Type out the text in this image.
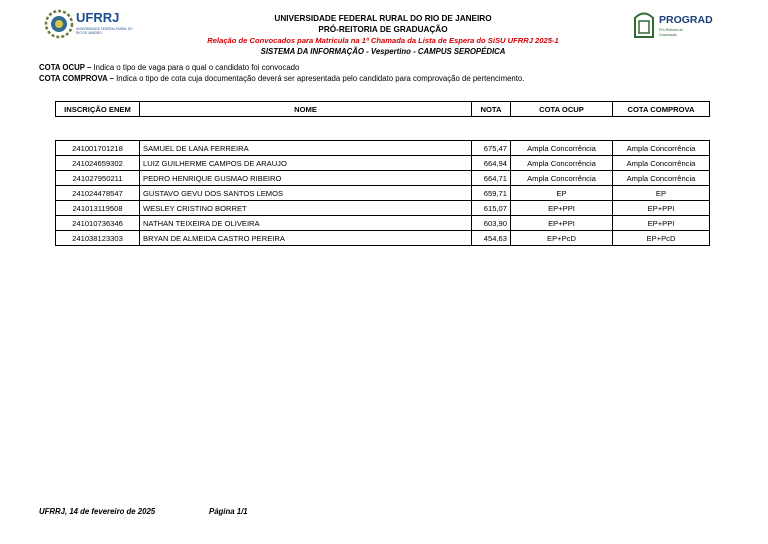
UFRRJ
UNIVERSIDADE FEDERAL RURAL DO RIO DE JANEIRO
UNIVERSIDADE FEDERAL RURAL DO RIO DE JANEIRO
PRÓ-REITORIA DE GRADUAÇÃO
Relação de Convocados para Matrícula na 1ª Chamada da Lista de Espera do SiSU UFRRJ 2025-1
SISTEMA DA INFORMAÇÃO - Vespertino - CAMPUS SEROPÉDICA
PROGRAD
Pró-Reitoria de Graduação
COTA OCUP – Indica o tipo de vaga para o qual o candidato foi convocado
COTA COMPROVA – Indica o tipo de cota cuja documentação deverá ser apresentada pelo candidato para comprovação de pertencimento.
INSCRIÇÃO ENEM	NOME	NOTA	COTA OCUP	COTA COMPROVA
241001701218	SAMUEL DE LANA FERREIRA	675,47	Ampla Concorrência	Ampla Concorrência
241024659302	LUIZ GUILHERME CAMPOS DE ARAUJO	664,94	Ampla Concorrência	Ampla Concorrência
241027950211	PEDRO HENRIQUE GUSMAO RIBEIRO	664,71	Ampla Concorrência	Ampla Concorrência
241024478547	GUSTAVO GEVU DOS SANTOS LEMOS	659,71	EP	EP
241013119508	WESLEY CRISTINO BORRET	615,07	EP+PPI	EP+PPI
241010736346	NATHAN TEIXEIRA DE OLIVEIRA	603,90	EP+PPI	EP+PPI
241038123303	BRYAN DE ALMEIDA CASTRO PEREIRA	454,63	EP+PcD	EP+PcD
UFRRJ, 14 de fevereiro de 2025	Página 1/1
